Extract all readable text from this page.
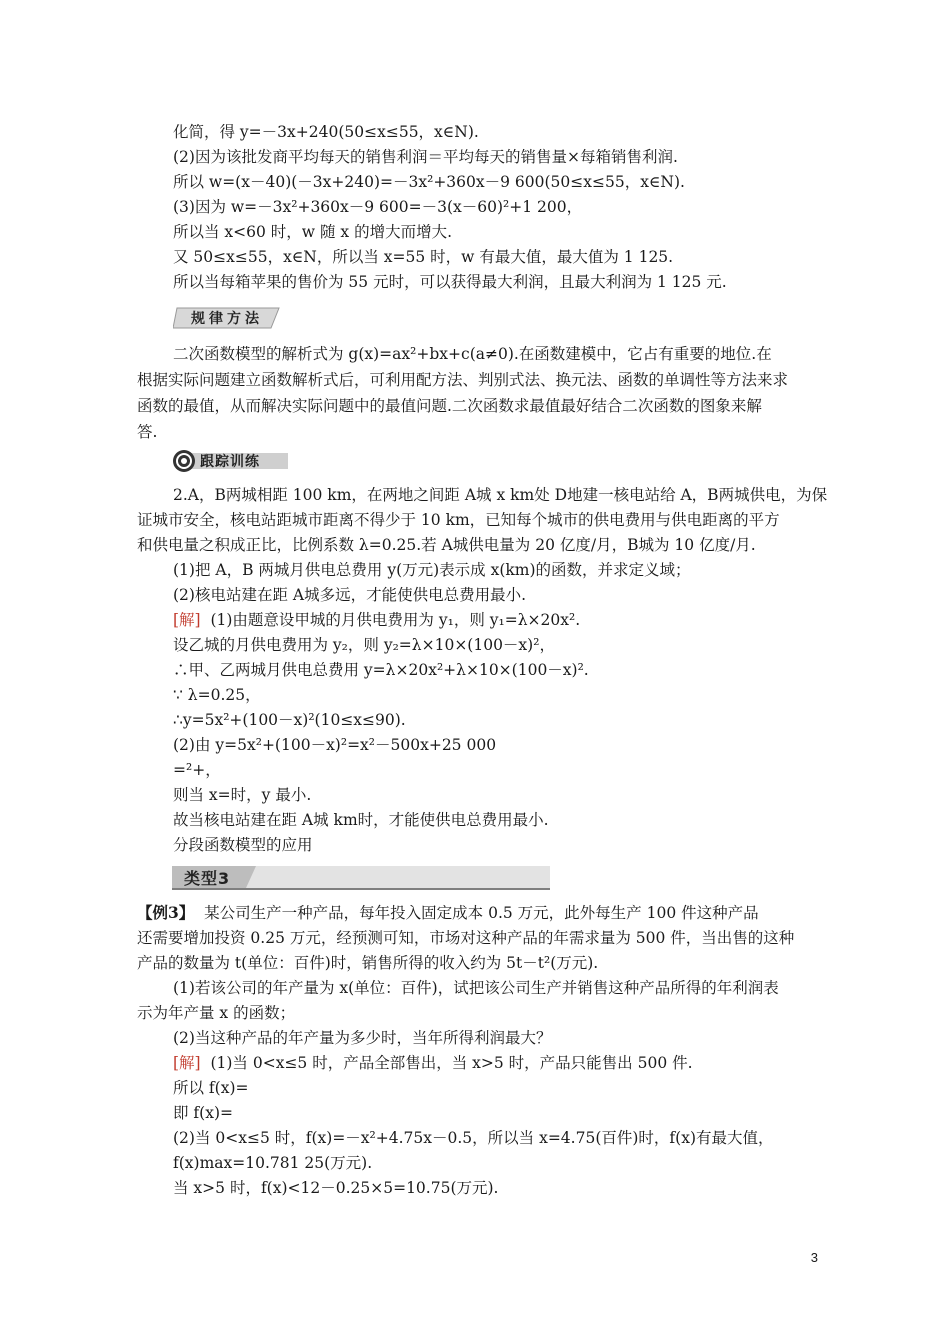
化简，得 y=－3x+240(50≤x≤55，x∈N).
(2)因为该批发商平均每天的销售利润＝平均每天的销售量×每箱销售利润.
所以 w=(x－40)(－3x+240)=－3x²+360x－9 600(50≤x≤55，x∈N).
(3)因为 w=－3x²+360x－9 600=－3(x－60)²+1 200，
所以当 x<60 时，w 随 x 的增大而增大.
又 50≤x≤55，x∈N，所以当 x=55 时，w 有最大值，最大值为 1 125.
所以当每箱苹果的售价为 55 元时，可以获得最大利润，且最大利润为 1 125 元.
规律方法
二次函数模型的解析式为 g(x)=ax²+bx+c(a≠0).在函数建模中，它占有重要的地位.在
根据实际问题建立函数解析式后，可利用配方法、判别式法、换元法、函数的单调性等方法来求
函数的最值，从而解决实际问题中的最值问题.二次函数求最值最好结合二次函数的图象来解
答.
跟踪训练
2.A，B两城相距 100 km，在两地之间距 A城 x km处 D地建一核电站给 A，B两城供电，为保
证城市安全，核电站距城市距离不得少于 10 km，已知每个城市的供电费用与供电距离的平方
和供电量之积成正比，比例系数 λ=0.25.若 A城供电量为 20 亿度/月，B城为 10 亿度/月.
(1)把 A，B 两城月供电总费用 y(万元)表示成 x(km)的函数，并求定义域；
(2)核电站建在距 A城多远，才能使供电总费用最小.
[解] (1)由题意设甲城的月供电费用为 y₁，则 y₁=λ×20x².
设乙城的月供电费用为 y₂，则 y₂=λ×10×(100－x)²，
∴甲、乙两城月供电总费用 y=λ×20x²+λ×10×(100－x)².
∵ λ=0.25，
∴y=5x²+(100－x)²(10≤x≤90).
(2)由 y=5x²+(100－x)²=x²－500x+25 000
=²+，
则当 x=时，y 最小.
故当核电站建在距 A城 km时，才能使供电总费用最小.
分段函数模型的应用
类型3
【例3】 某公司生产一种产品，每年投入固定成本 0.5 万元，此外每生产 100 件这种产品
还需要增加投资 0.25 万元，经预测可知，市场对这种产品的年需求量为 500 件，当出售的这种
产品的数量为 t(单位：百件)时，销售所得的收入约为 5t－t²(万元).
(1)若该公司的年产量为 x(单位：百件)，试把该公司生产并销售这种产品所得的年利润表
示为年产量 x 的函数；
(2)当这种产品的年产量为多少时，当年所得利润最大？
[解] (1)当 0<x≤5 时，产品全部售出，当 x>5 时，产品只能售出 500 件.
所以 f(x)=
即 f(x)=
(2)当 0<x≤5 时，f(x)=－x²+4.75x－0.5，所以当 x=4.75(百件)时，f(x)有最大值，
f(x)max=10.781 25(万元).
当 x>5 时，f(x)<12－0.25×5=10.75(万元).
3
